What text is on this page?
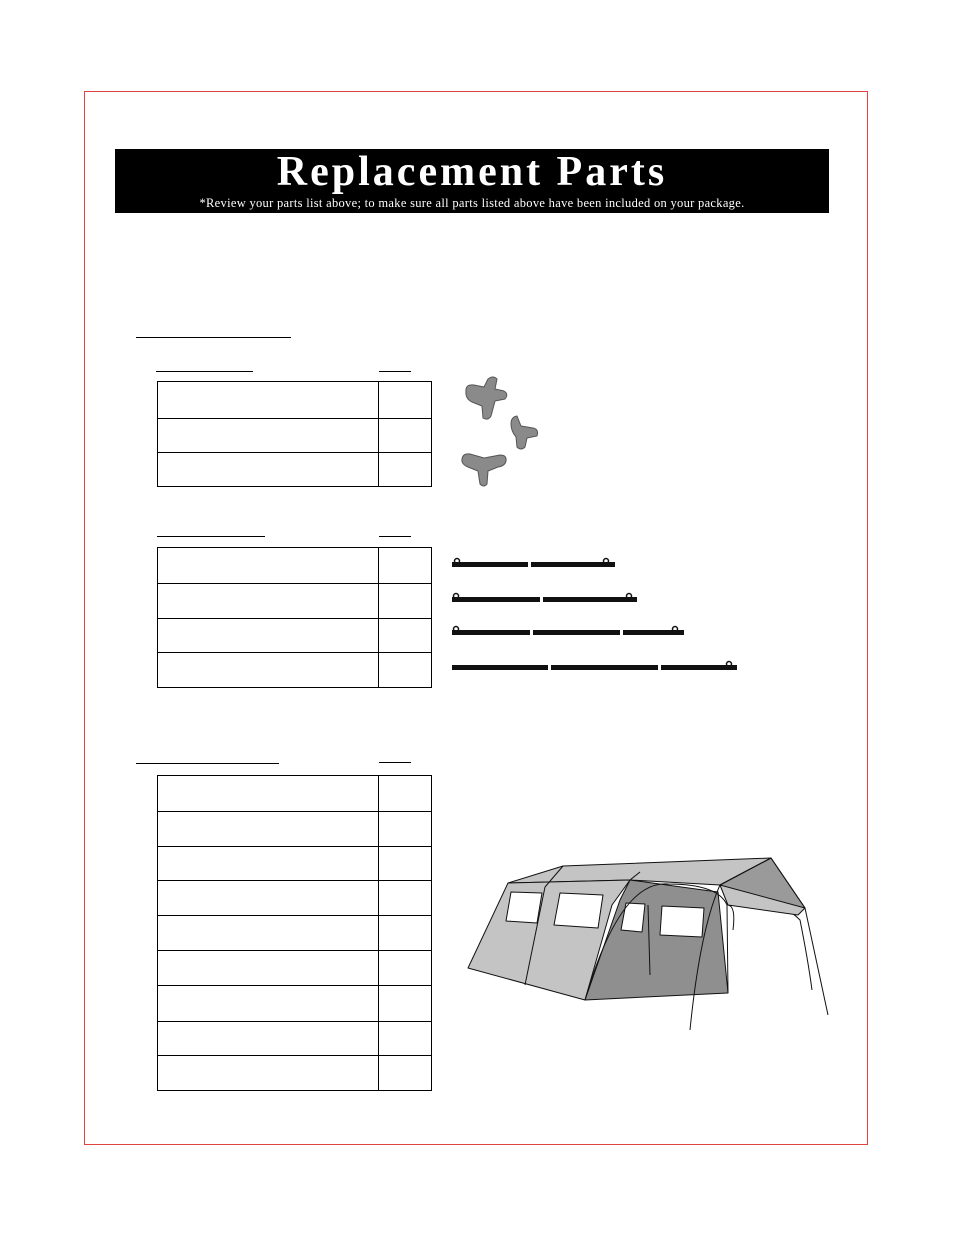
Replacement Parts
*Review your parts list above; to make sure all parts listed above have been included on your package.
